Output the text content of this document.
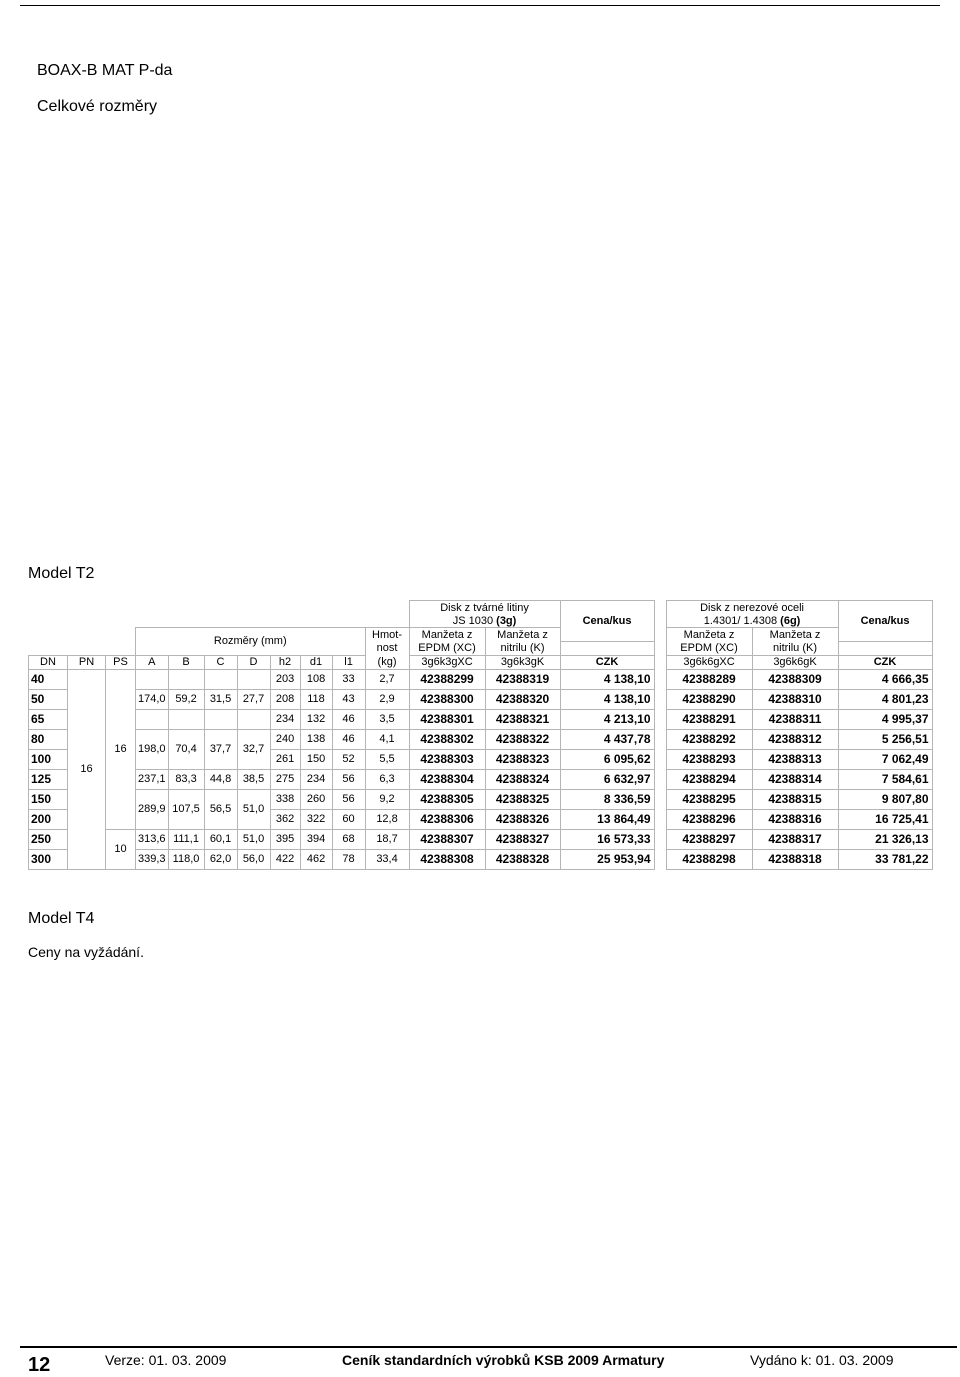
BOAX-B MAT P-da
Celkové rozměry
Model T2
											Disk z tvárné litiny		Cena/kus		Disk z nerezové oceli		Cena/kus
											JS 1030 (3g)				1.4301/ 1.4308 (6g)		
			Rozměry (mm)							Hmot-	Manžeta z	Manžeta z			Manžeta z	Manžeta z	
										nost	EPDM (XC)	nitrilu (K)			EPDM (XC)	nitrilu (K)	
DN	PN	PS	A	B	C	D	h2	d1	l1	(kg)	3g6k3gXC	3g6k3gK	CZK		3g6k6gXC	3g6k6gK	CZK
40	16	16					203	108	33	2,7	42388299	42388319	4 138,10		42388289	42388309	4 666,35
50			174,0	59,2	31,5	27,7	208	118	43	2,9	42388300	42388320	4 138,10		42388290	42388310	4 801,23
65							234	132	46	3,5	42388301	42388321	4 213,10		42388291	42388311	4 995,37
80			198,0	70,4	37,7	32,7	240	138	46	4,1	42388302	42388322	4 437,78		42388292	42388312	5 256,51
100							261	150	52	5,5	42388303	42388323	6 095,62		42388293	42388313	7 062,49
125			237,1	83,3	44,8	38,5	275	234	56	6,3	42388304	42388324	6 632,97		42388294	42388314	7 584,61
150			289,9	107,5	56,5	51,0	338	260	56	9,2	42388305	42388325	8 336,59		42388295	42388315	9 807,80
200							362	322	60	12,8	42388306	42388326	13 864,49		42388296	42388316	16 725,41
250		10	313,6	111,1	60,1	51,0	395	394	68	18,7	42388307	42388327	16 573,33		42388297	42388317	21 326,13
300			339,3	118,0	62,0	56,0	422	462	78	33,4	42388308	42388328	25 953,94		42388298	42388318	33 781,22
Model T4
Ceny na vyžádání.
12	Verze: 01. 03. 2009	Ceník standardních výrobků KSB 2009 Armatury	Vydáno k: 01. 03. 2009
